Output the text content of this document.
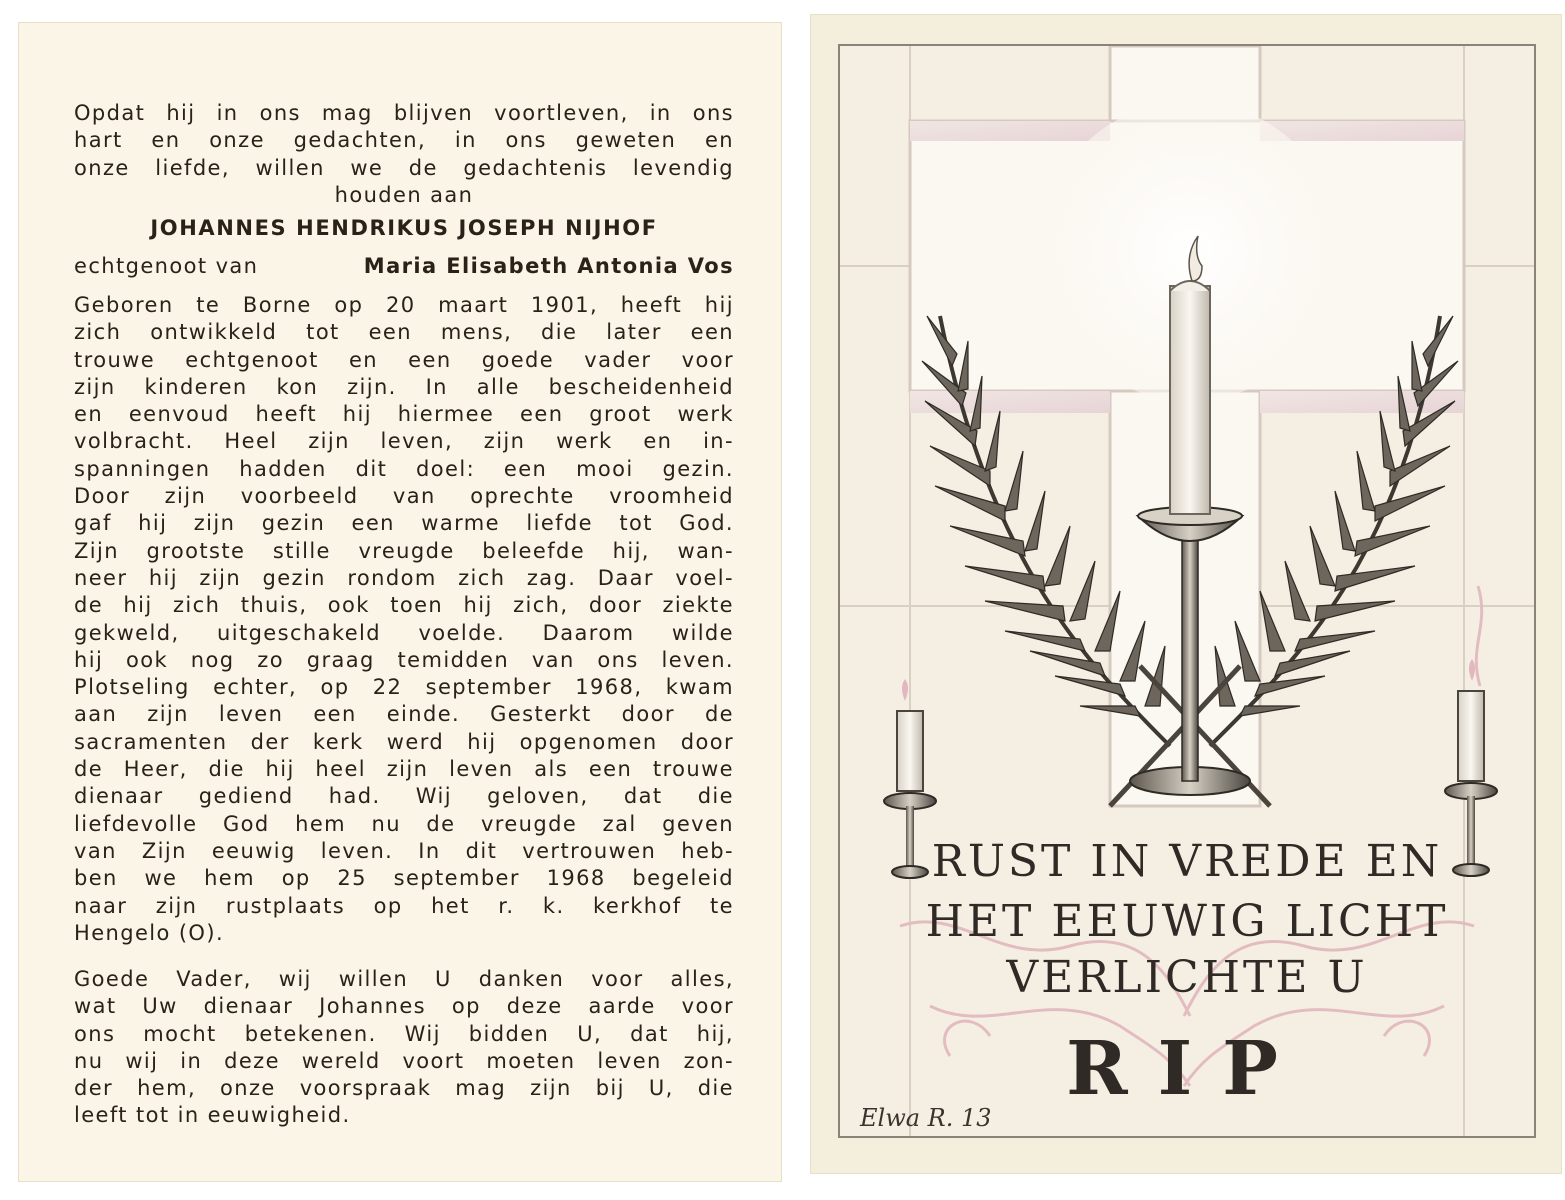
Opdat hij in ons mag blijven voortleven, in ons
hart en onze gedachten, in ons geweten en
onze liefde, willen we de gedachtenis levendig
houden aan
JOHANNES HENDRIKUS JOSEPH NIJHOF
echtgenoot van	Maria Elisabeth Antonia Vos
Geboren te Borne op 20 maart 1901, heeft hij
zich ontwikkeld tot een mens, die later een
trouwe echtgenoot en een goede vader voor
zijn kinderen kon zijn. In alle bescheidenheid
en eenvoud heeft hij hiermee een groot werk
volbracht. Heel zijn leven, zijn werk en in-
spanningen hadden dit doel: een mooi gezin.
Door zijn voorbeeld van oprechte vroomheid
gaf hij zijn gezin een warme liefde tot God.
Zijn grootste stille vreugde beleefde hij, wan-
neer hij zijn gezin rondom zich zag. Daar voel-
de hij zich thuis, ook toen hij zich, door ziekte
gekweld, uitgeschakeld voelde. Daarom wilde
hij ook nog zo graag temidden van ons leven.
Plotseling echter, op 22 september 1968, kwam
aan zijn leven een einde. Gesterkt door de
sacramenten der kerk werd hij opgenomen door
de Heer, die hij heel zijn leven als een trouwe
dienaar gediend had. Wij geloven, dat die
liefdevolle God hem nu de vreugde zal geven
van Zijn eeuwig leven. In dit vertrouwen heb-
ben we hem op 25 september 1968 begeleid
naar zijn rustplaats op het r. k. kerkhof te
Hengelo (O).
Goede Vader, wij willen U danken voor alles,
wat Uw dienaar Johannes op deze aarde voor
ons mocht betekenen. Wij bidden U, dat hij,
nu wij in deze wereld voort moeten leven zon-
der hem, onze voorspraak mag zijn bij U, die
leeft tot in eeuwigheid.
RUST IN VREDE EN
HET EEUWIG LICHT
VERLICHTE U
RIP
Elwa R. 13
